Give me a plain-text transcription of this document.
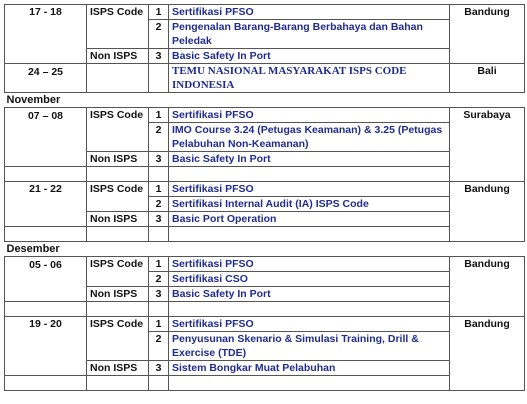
17 - 18	ISPS Code	1	Sertifikasi PFSO	Bandung
		2	Pengenalan Barang-Barang Berbahaya dan Bahan Peledak	
	Non ISPS	3	Basic Safety In Port	
24 – 25			TEMU NASIONAL MASYARAKAT ISPS CODE INDONESIA	Bali
November				
07 – 08	ISPS Code	1	Sertifikasi PFSO	Surabaya
		2	IMO Course 3.24 (Petugas Keamanan) & 3.25 (Petugas Pelabuhan Non-Keamanan)	
	Non ISPS	3	Basic Safety In Port	

21 - 22	ISPS Code	1	Sertifikasi PFSO	Bandung
		2	Sertifikasi Internal Audit (IA) ISPS Code	
	Non ISPS	3	Basic Port Operation	

Desember				
05 - 06	ISPS Code	1	Sertifikasi PFSO	Bandung
		2	Sertifikasi CSO	
	Non ISPS	3	Basic Safety In Port	

19 - 20	ISPS Code	1	Sertifikasi PFSO	Bandung
		2	Penyusunan Skenario & Simulasi Training, Drill & Exercise (TDE)	
	Non ISPS	3	Sistem Bongkar Muat Pelabuhan	
